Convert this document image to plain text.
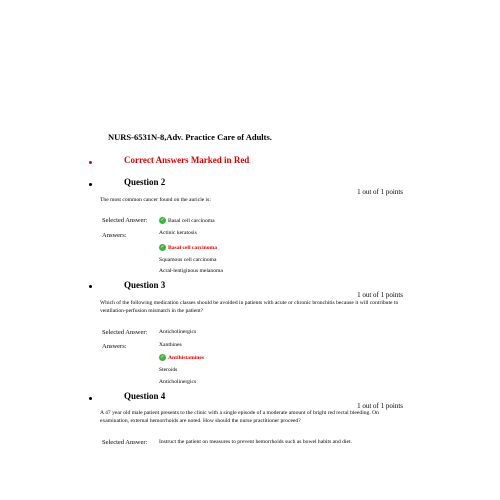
NURS-6531N-8,Adv. Practice Care of Adults.
Correct Answers Marked in Red
Question 2
1 out of 1 points
The most common cancer found on the auricle is:
Selected Answer:	✓ Basal cell carcinoma
Answers:	Actinic keratosis
✓ Basal cell carcinoma
Squamous cell carcinoma
Acral-lentiginous melanoma
Question 3
1 out of 1 points
Which of the following medication classes should be avoided in patients with acute or chronic bronchitis because it will contribute to ventilation-perfusion mismatch in the patient?
Selected Answer: Anticholinergics
Answers:	Xanthines
✓ Antihistamines
Steroids
Anticholinergics
Question 4
1 out of 1 points
A 47 year old male patient presents to the clinic with a single episode of a moderate amount of bright red rectal bleeding. On examination, external hemorrhoids are noted. How should the nurse practitioner proceed?
Selected Answer: Instruct the patient on measures to prevent hemorrhoids such as bowel habits and diet.
